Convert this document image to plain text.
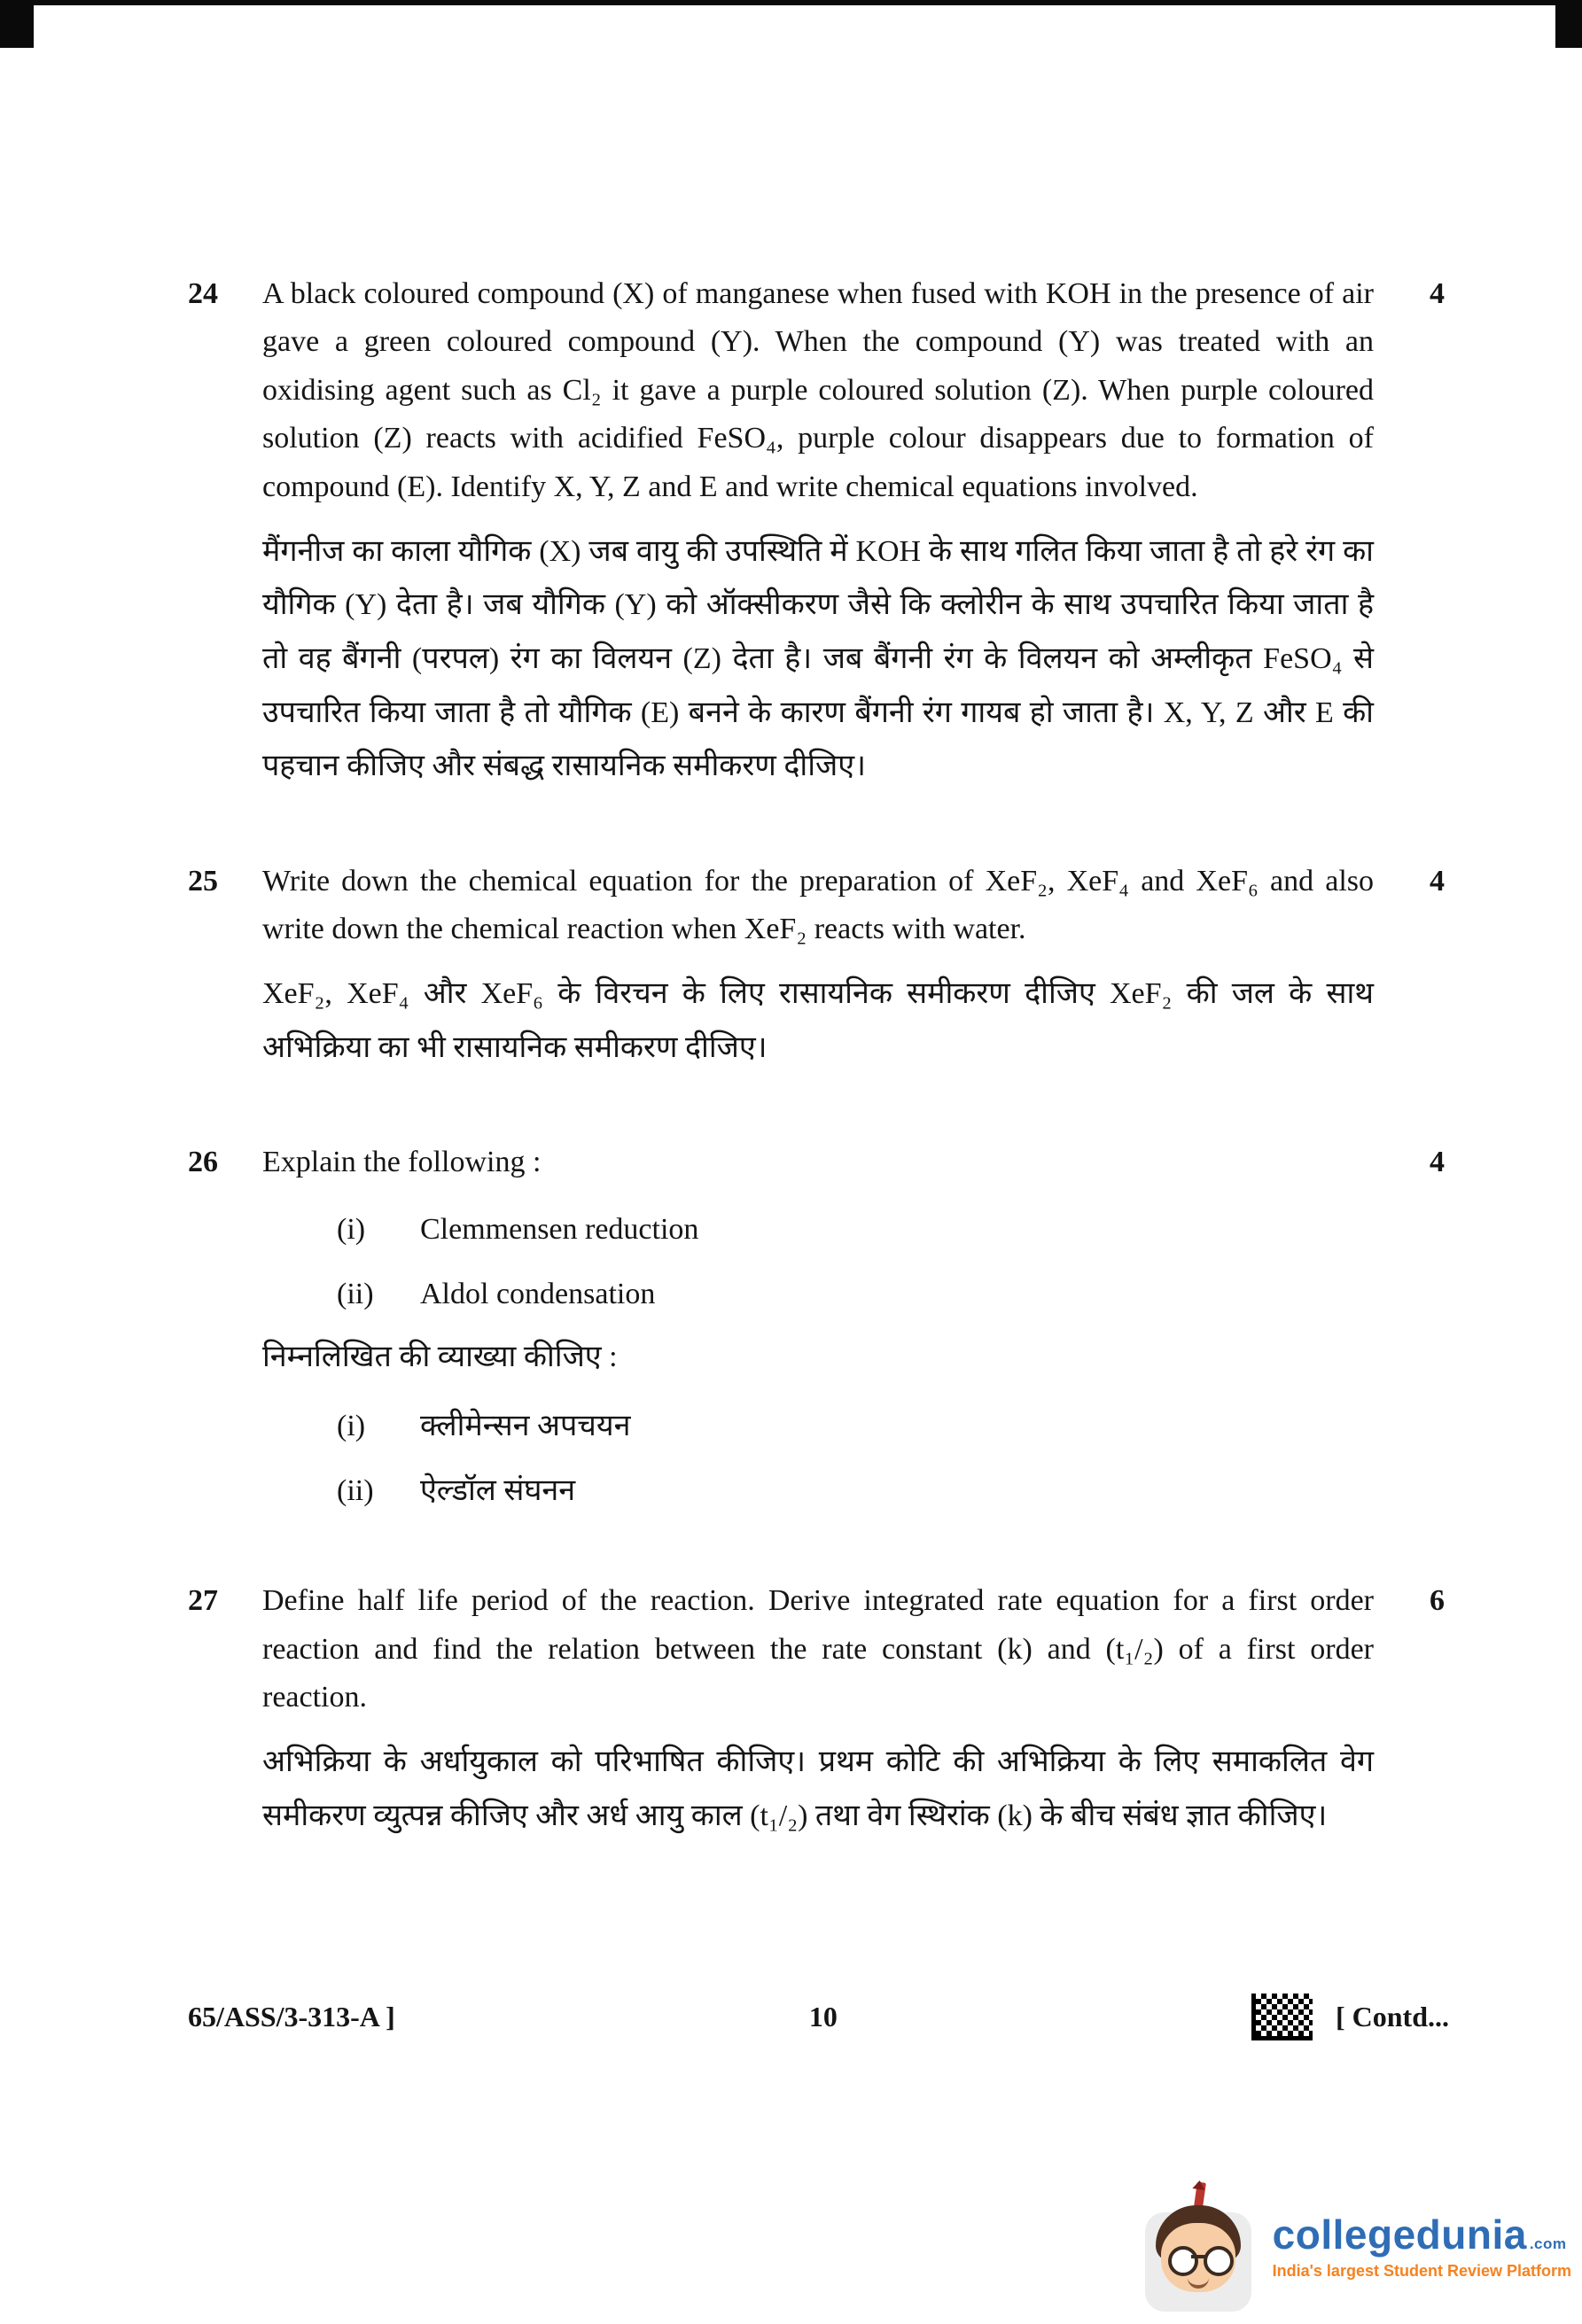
24	A black coloured compound (X) of manganese when fused with KOH in the presence of air gave a green coloured compound (Y). When the compound (Y) was treated with an oxidising agent such as Cl₂ it gave a purple coloured solution (Z). When purple coloured solution (Z) reacts with acidified FeSO₄, purple colour disappears due to formation of compound (E). Identify X, Y, Z and E and write chemical equations involved.

मैंगनीज का काला यौगिक (X) जब वायु की उपस्थिति में KOH के साथ गलित किया जाता है तो हरे रंग का यौगिक (Y) देता है। जब यौगिक (Y) को ऑक्सीकरण जैसे कि क्लोरीन के साथ उपचारित किया जाता है तो वह बैंगनी (परपल) रंग का विलयन (Z) देता है। जब बैंगनी रंग के विलयन को अम्लीकृत FeSO₄ से उपचारित किया जाता है तो यौगिक (E) बनने के कारण बैंगनी रंग गायब हो जाता है। X, Y, Z और E की पहचान कीजिए और संबद्ध रासायनिक समीकरण दीजिए।

4
25	Write down the chemical equation for the preparation of XeF₂, XeF₄ and XeF₆ and also write down the chemical reaction when XeF₂ reacts with water.

XeF₂, XeF₄ और XeF₆ के विरचन के लिए रासायनिक समीकरण दीजिए XeF₂ की जल के साथ अभिक्रिया का भी रासायनिक समीकरण दीजिए।

4
26	Explain the following :

(i)	Clemmensen reduction
(ii)	Aldol condensation

निम्नलिखित की व्याख्या कीजिए :

(i)	क्लीमेन्सन अपचयन
(ii)	ऐल्डॉल संघनन
4
27	Define half life period of the reaction. Derive integrated rate equation for a first order reaction and find the relation between the rate constant (k) and (t₁/₂) of a first order reaction.

अभिक्रिया के अर्धायुकाल को परिभाषित कीजिए। प्रथम कोटि की अभिक्रिया के लिए समाकलित वेग समीकरण व्युत्पन्न कीजिए और अर्ध आयु काल (t₁/₂) तथा वेग स्थिरांक (k) के बीच संबंध ज्ञात कीजिए।

6
65/ASS/3-313-A ]	10	[ Contd...
collegedunia .com
India's largest Student Review Platform
